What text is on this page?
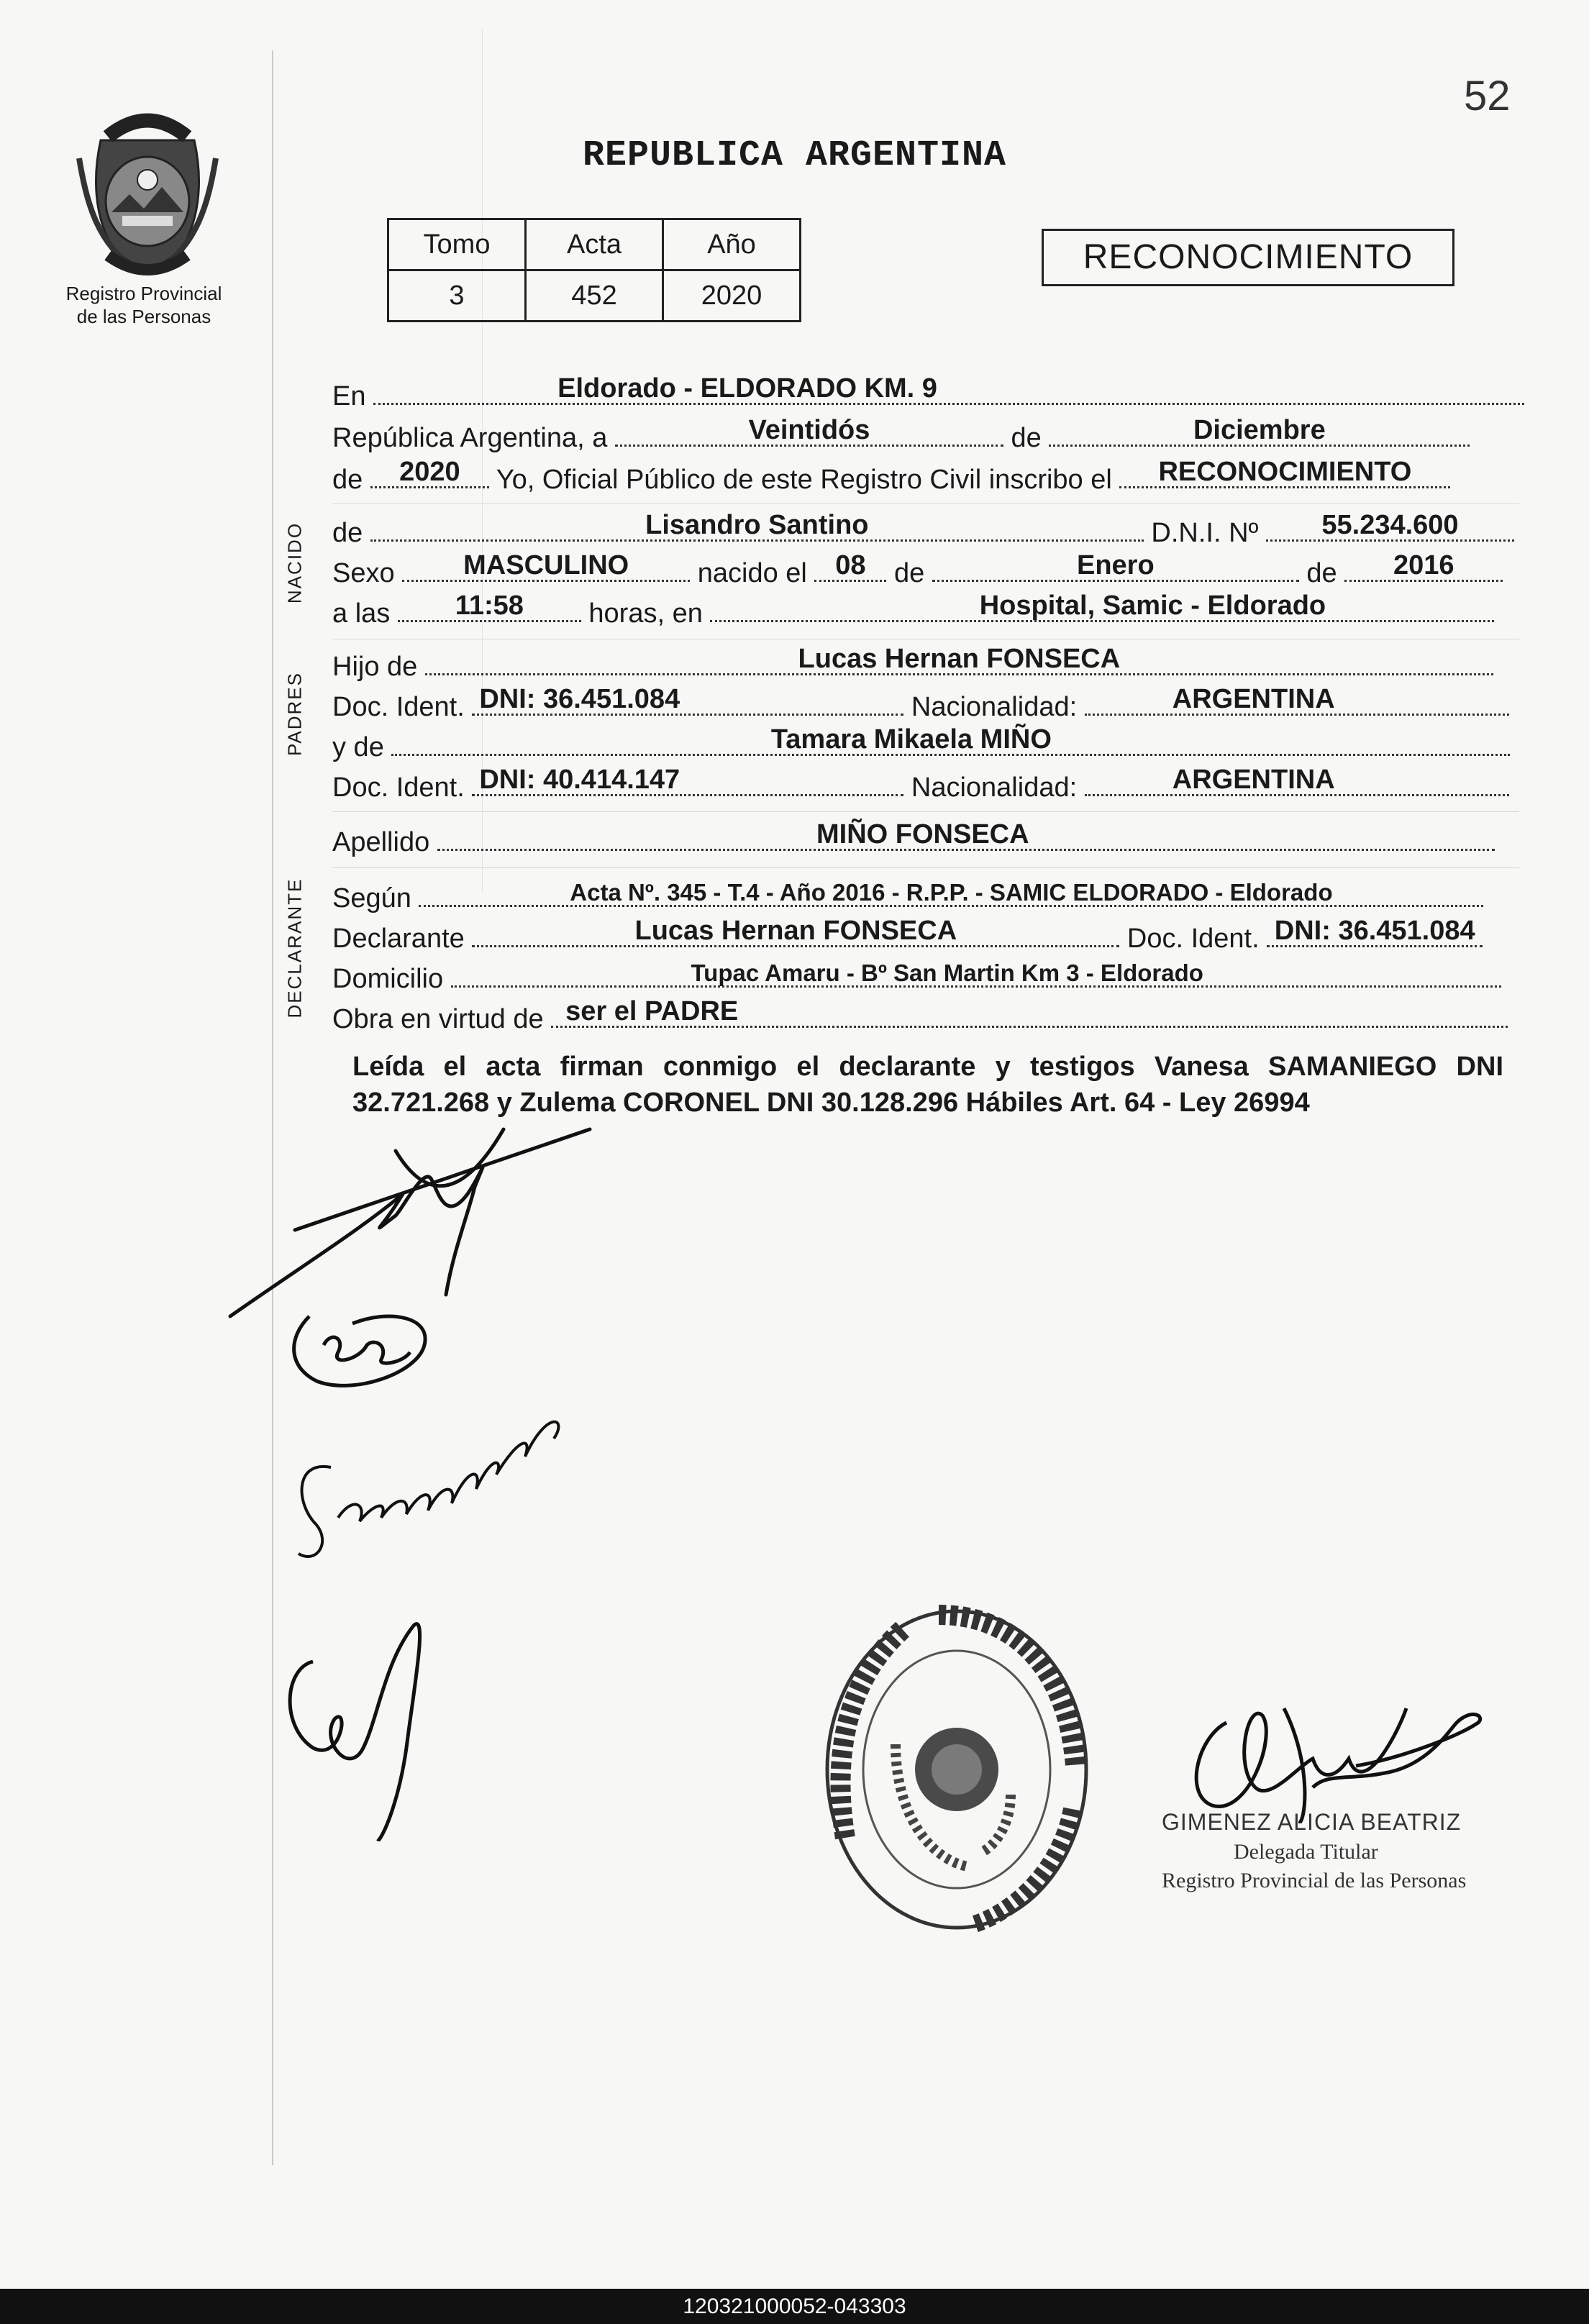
52
REPUBLICA ARGENTINA
Registro Provincial
de las Personas
Tomo	Acta	Año
3	452	2020
RECONOCIMIENTO
En	Eldorado - ELDORADO KM. 9
República Argentina, a	Veintidós	de	Diciembre
de	2020	Yo, Oficial Público de este Registro Civil inscribo el	RECONOCIMIENTO
NACIDO de	Lisandro Santino	D.N.I. Nº	55.234.600
Sexo	MASCULINO	nacido el	08	de	Enero	de	2016
a las	11:58	horas, en	Hospital, Samic - Eldorado
PADRES
Hijo de	Lucas Hernan FONSECA
Doc. Ident. DNI: 36.451.084	Nacionalidad:	ARGENTINA
y de	Tamara Mikaela MIÑO
Doc. Ident. DNI: 40.414.147	Nacionalidad:	ARGENTINA
Apellido	MIÑO FONSECA
DECLARANTE Según	Acta Nº. 345 - T.4 - Año 2016 - R.P.P. - SAMIC ELDORADO - Eldorado
Declarante	Lucas Hernan FONSECA	Doc. Ident. DNI: 36.451.084
Domicilio	Tupac Amaru - Bº San Martin Km 3 - Eldorado
Obra en virtud de ser el PADRE
Leída el acta firman conmigo el declarante y testigos Vanesa SAMANIEGO DNI 32.721.268 y Zulema CORONEL DNI 30.128.296 Hábiles Art. 64 - Ley 26994
GIMENEZ ALICIA BEATRIZ
Delegada Titular
Registro Provincial de las Personas
120321000052-043303
